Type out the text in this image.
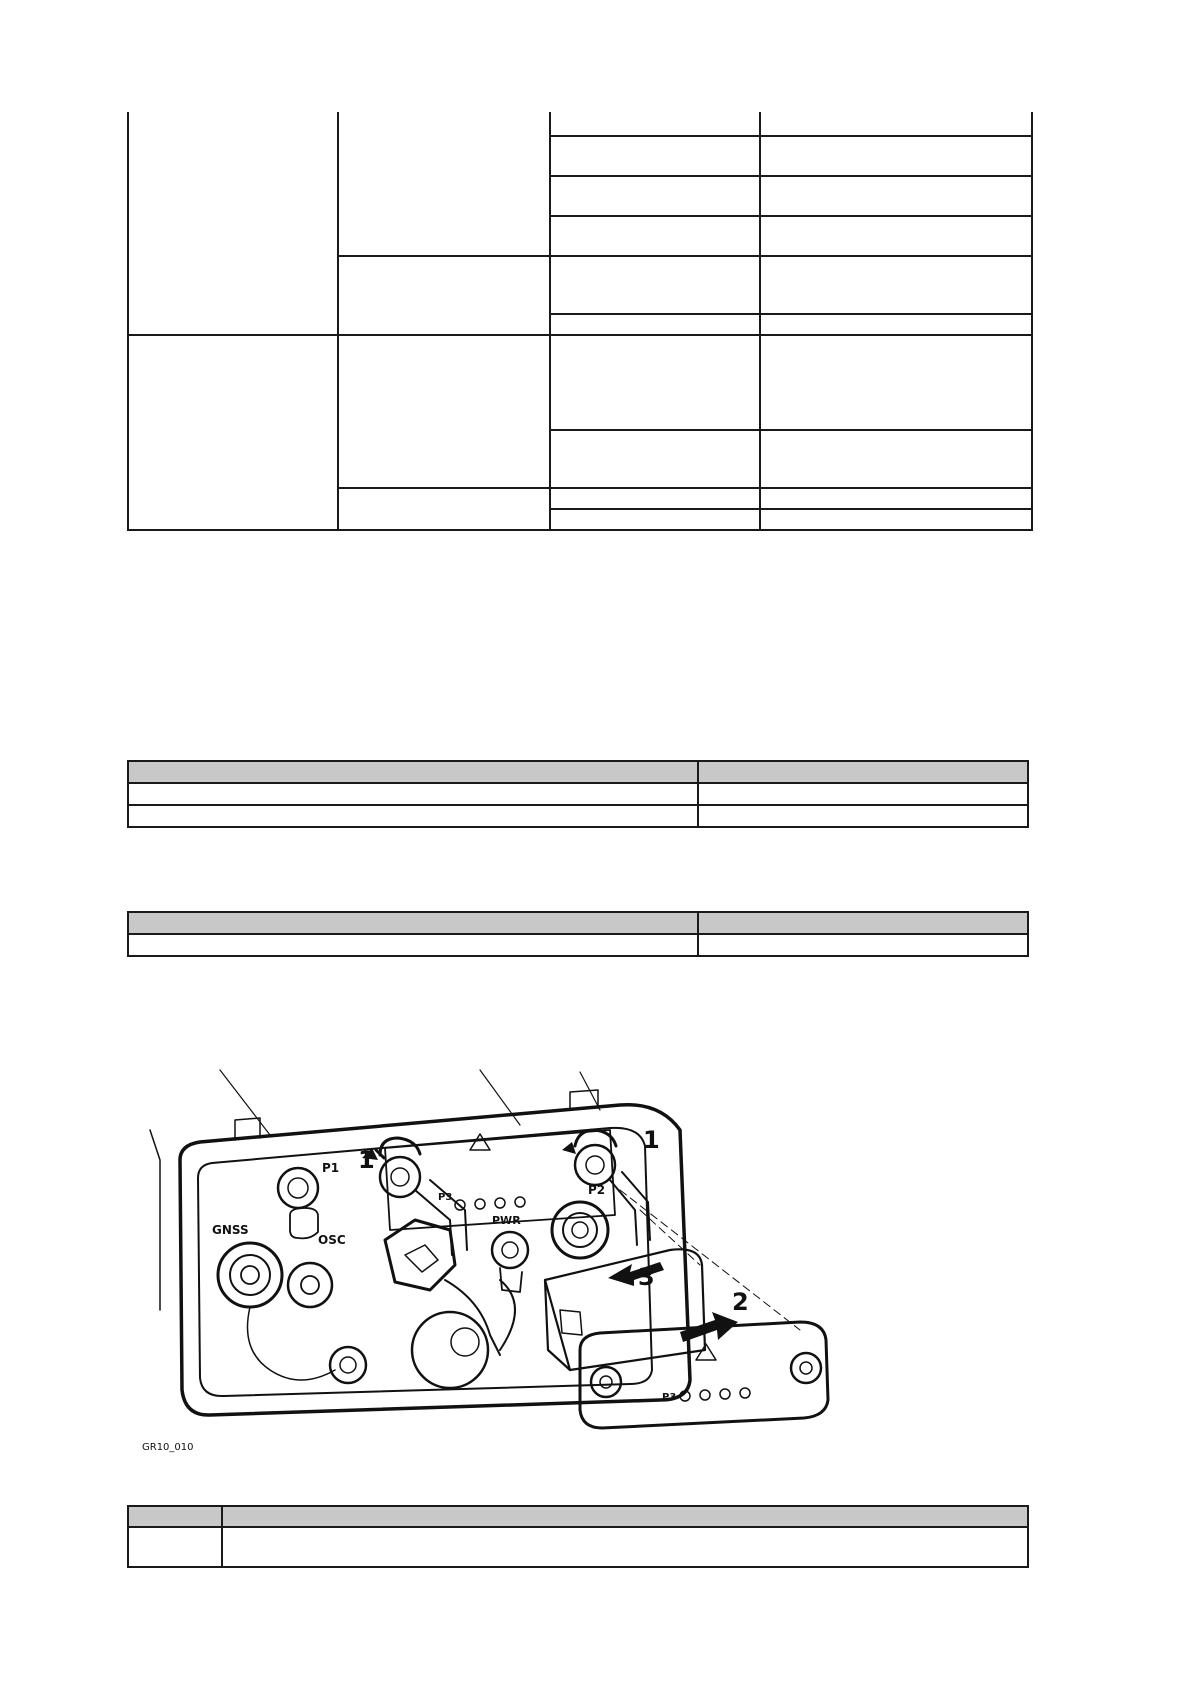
1
1
2
3
P1
GNSS
OSC
PWR
P2
P3
P3
GR10_010
